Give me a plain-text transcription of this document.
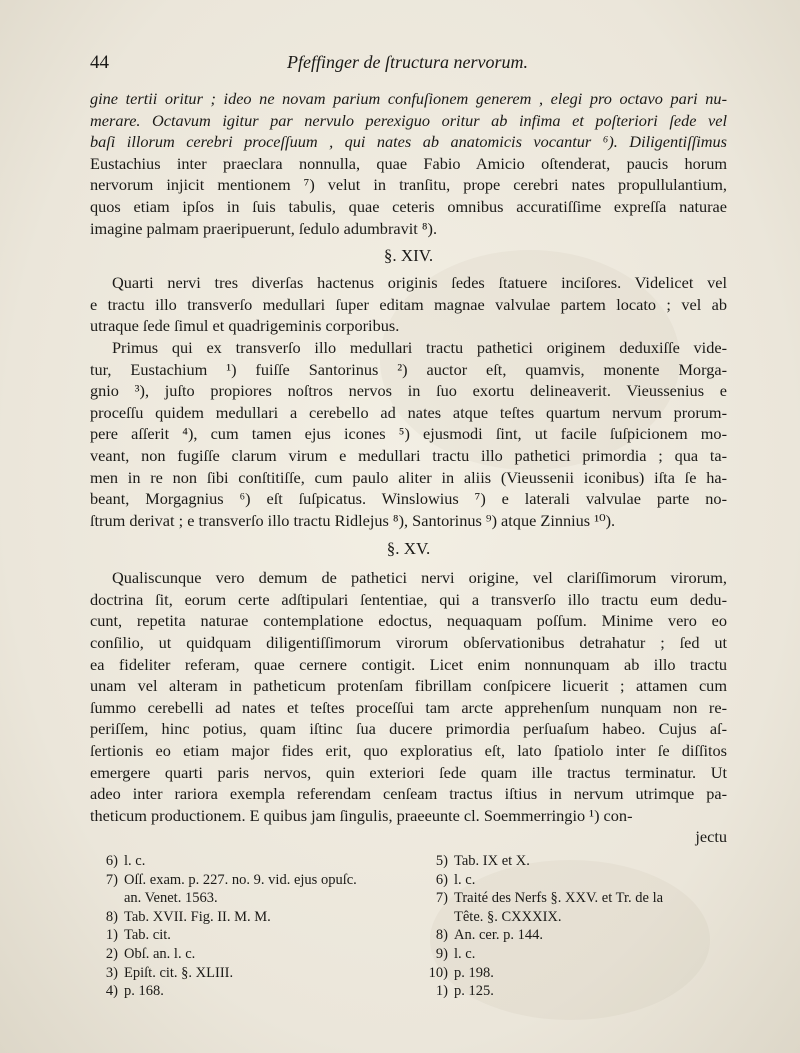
44	Pfeffinger de ſtructura nervorum.
gine tertii oritur ; ideo ne novam parium confuſionem generem , elegi pro octavo pari nu-
merare. Octavum igitur par nervulo perexiguo oritur ab infima et poſteriori ſede vel
baſi illorum cerebri proceſſuum , qui nates ab anatomicis vocantur ⁶). Diligentiſſimus
Eustachius inter praeclara nonnulla, quae Fabio Amicio oſtenderat, paucis horum
nervorum injicit mentionem ⁷) velut in tranſitu, prope cerebri nates propullulantium,
quos etiam ipſos in ſuis tabulis, quae ceteris omnibus accuratiſſime expreſſa naturae
imagine palmam praeripuerunt, ſedulo adumbravit ⁸).
§. XIV.
Quarti nervi tres diverſas hactenus originis ſedes ſtatuere inciſores. Videlicet vel
e tractu illo transverſo medullari ſuper editam magnae valvulae partem locato ; vel ab
utraque ſede ſimul et quadrigeminis corporibus.
Primus qui ex transverſo illo medullari tractu pathetici originem deduxiſſe vide-
tur, Eustachium ¹) fuiſſe Santorinus ²) auctor eſt, quamvis, monente Morga-
gnio ³), juſto propiores noſtros nervos in ſuo exortu delineaverit. Vieussenius e
proceſſu quidem medullari a cerebello ad nates atque teſtes quartum nervum prorum-
pere aſſerit ⁴), cum tamen ejus icones ⁵) ejusmodi ſint, ut facile ſuſpicionem mo-
veant, non fugiſſe clarum virum e medullari tractu illo pathetici primordia ; qua ta-
men in re non ſibi conſtitiſſe, cum paulo aliter in aliis (Vieussenii iconibus) iſta ſe ha-
beant, Morgagnius ⁶) eſt ſuſpicatus. Winslowius ⁷) e laterali valvulae parte no-
ſtrum derivat ; e transverſo illo tractu Ridlejus ⁸), Santorinus ⁹) atque Zinnius ¹⁰).
§. XV.
Qualiscunque vero demum de pathetici nervi origine, vel clariſſimorum virorum,
doctrina ſit, eorum certe adſtipulari ſententiae, qui a transverſo illo tractu eum dedu-
cunt, repetita naturae contemplatione edoctus, nequaquam poſſum. Minime vero eo
conſilio, ut quidquam diligentiſſimorum virorum obſervationibus detrahatur ; ſed ut
ea fideliter referam, quae cernere contigit. Licet enim nonnunquam ab illo tractu
unam vel alteram in patheticum protenſam fibrillam conſpicere licuerit ; attamen cum
ſummo cerebelli ad nates et teſtes proceſſui tam arcte apprehenſum nunquam non re-
periſſem, hinc potius, quam iſtinc ſua ducere primordia perſuaſum habeo. Cujus aſ-
ſertionis eo etiam major fides erit, quo exploratius eſt, lato ſpatiolo inter ſe diſſitos
emergere quarti paris nervos, quin exteriori ſede quam ille tractus terminatur. Ut
adeo inter rariora exempla referendam cenſeam tractus iſtius in nervum utrimque pa-
theticum productionem. E quibus jam ſingulis, praeeunte cl. Soemmerringio ¹) con-
jectu
6) l. c.
7) Oſſ. exam. p. 227. no. 9. vid. ejus opuſc.
an. Venet. 1563.
8) Tab. XVII. Fig. II. M. M.
1) Tab. cit.
2) Obſ. an. l. c.
3) Epiſt. cit. §. XLIII.
4) p. 168.
5) Tab. IX et X.
6) l. c.
7) Traité des Nerfs §. XXV. et Tr. de la
Tête. §. CXXXIX.
8) An. cer. p. 144.
9) l. c.
10) p. 198.
1) p. 125.
